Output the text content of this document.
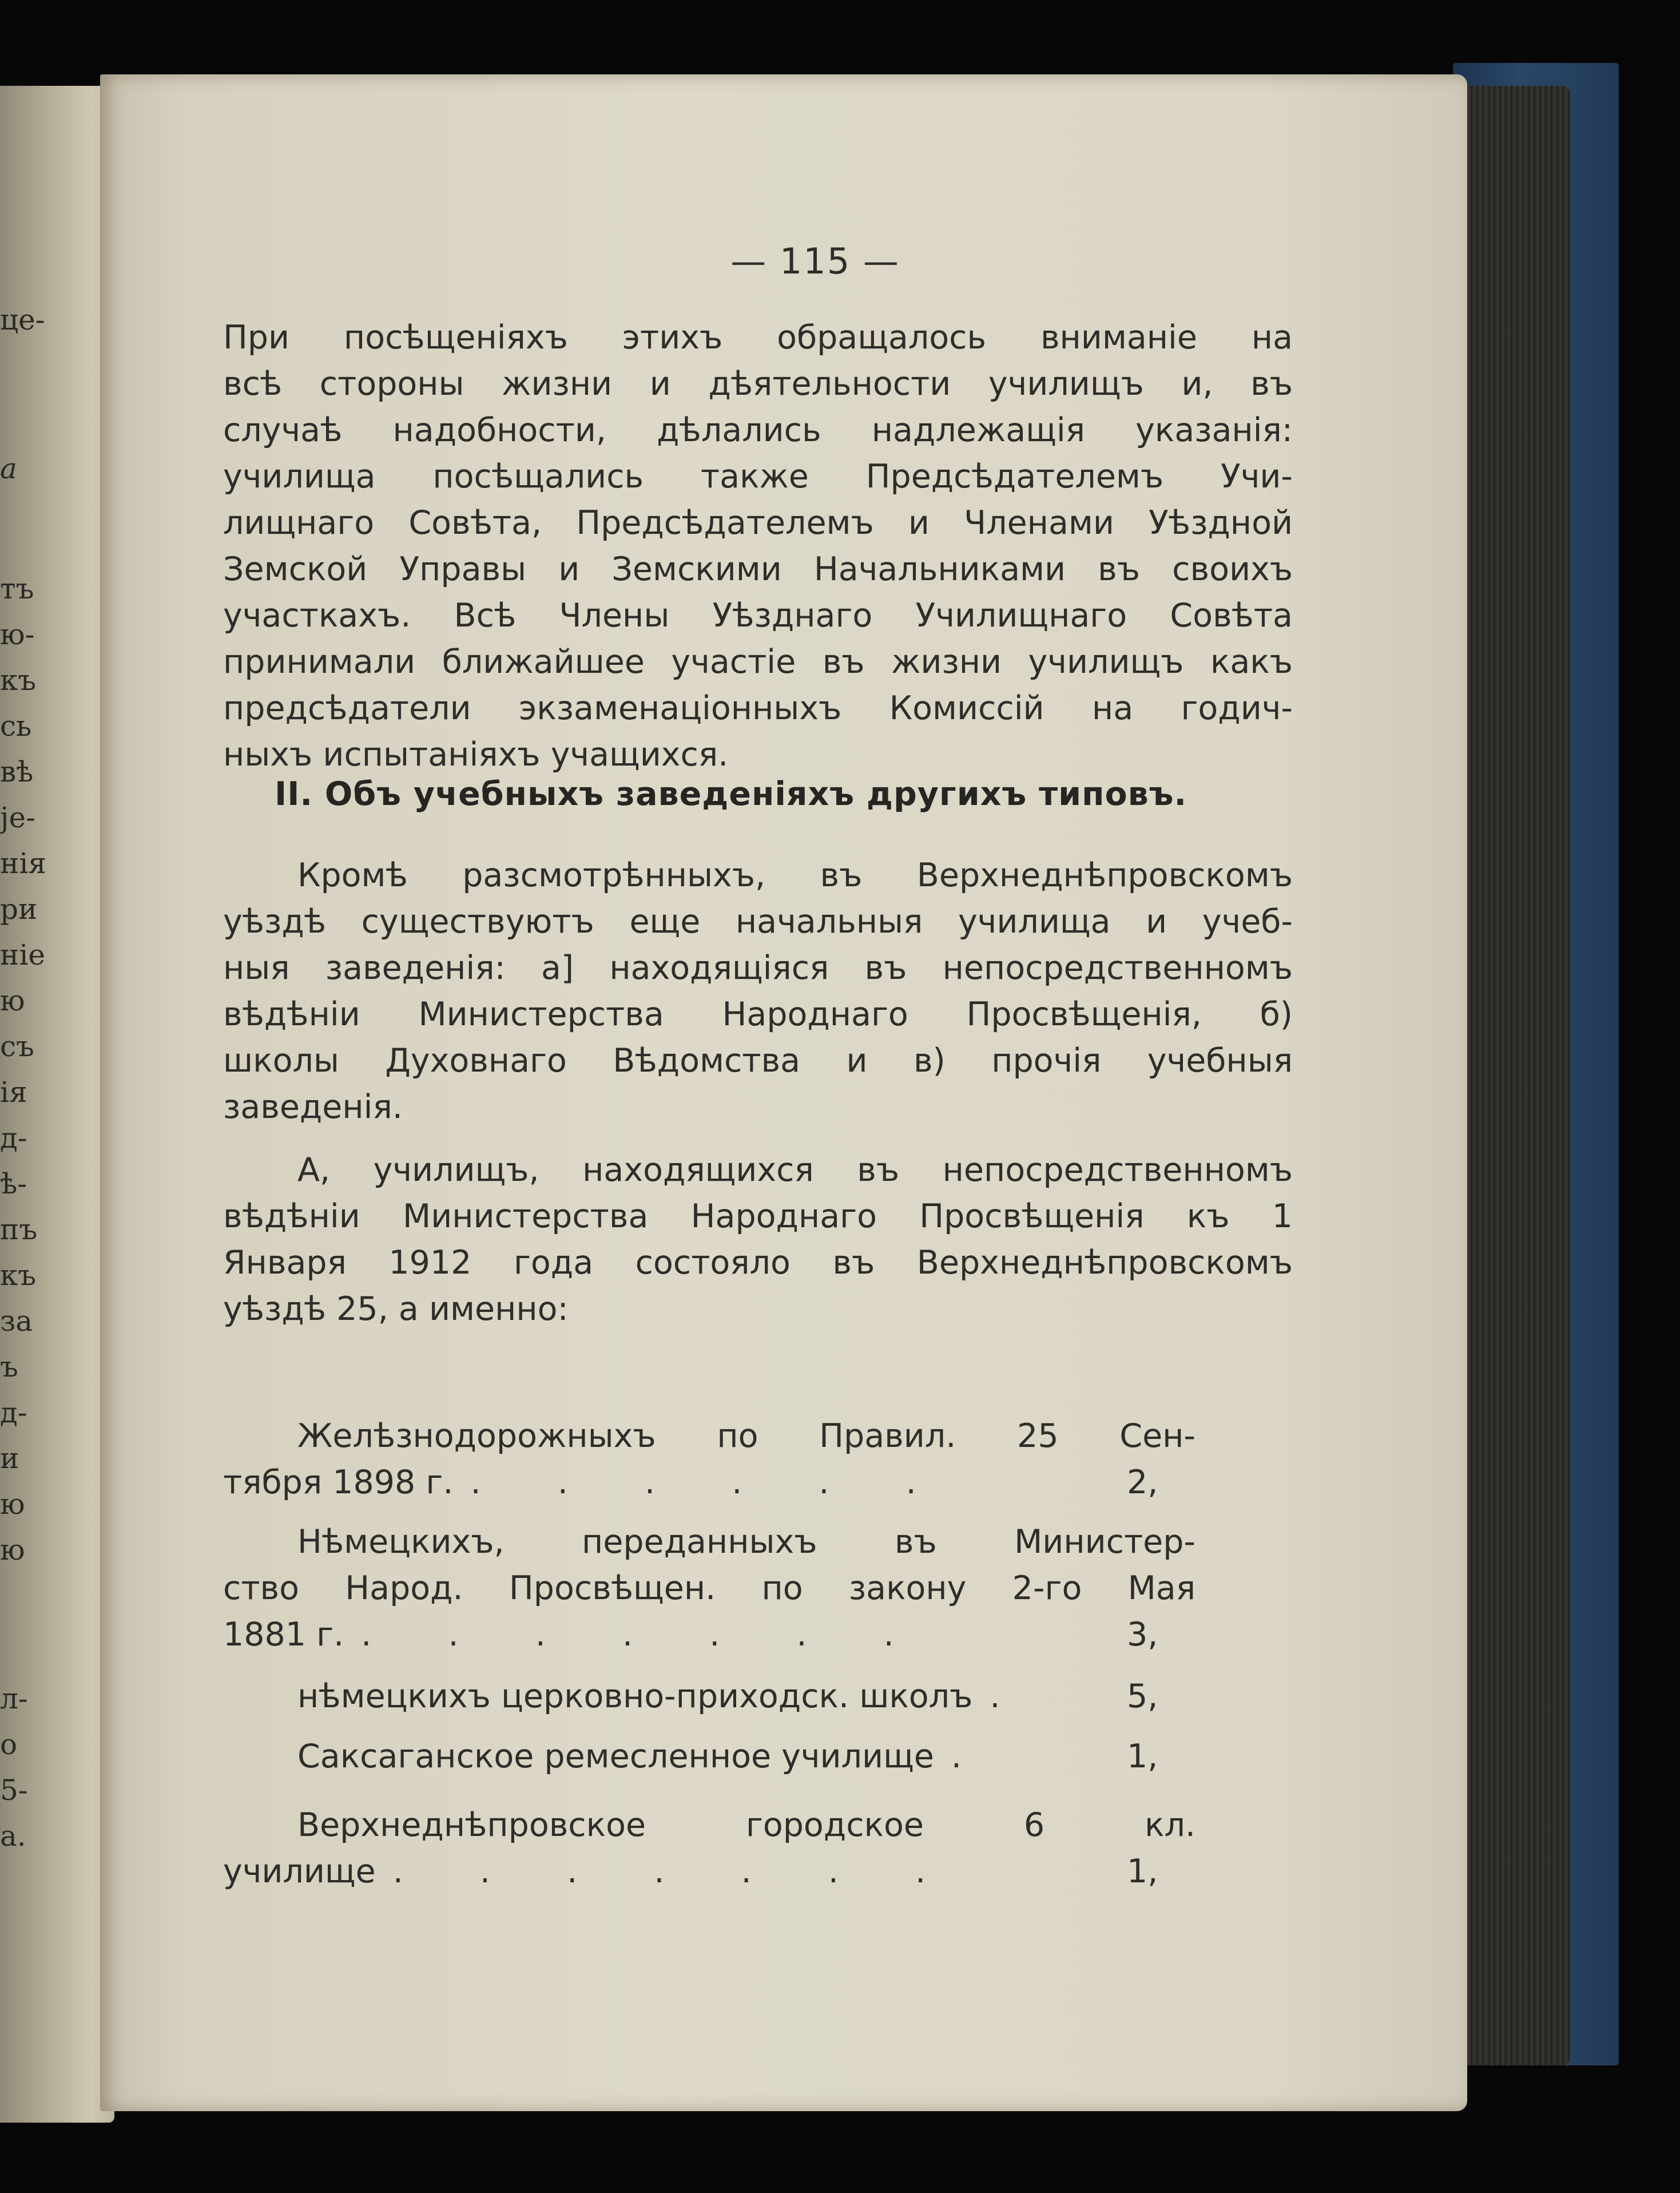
це-
а
тъ
ю-
къ
сь
вѣ
је-
нія
ри
ніе
ю
съ
ія
д-
ѣ-
пъ
къ
за
ъ
д-
и
ю
ю
л-
о
5-
а.
— 115 —
При посѣщеніяхъ этихъ обращалось вниманіе на
всѣ стороны жизни и дѣятельности училищъ и, въ
случаѣ надобности, дѣлались надлежащія указанія:
училища посѣщались также Предсѣдателемъ Учи-
лищнаго Совѣта, Предсѣдателемъ и Членами Уѣздной
Земской Управы и Земскими Начальниками въ своихъ
участкахъ. Всѣ Члены Уѣзднаго Училищнаго Совѣта
принимали ближайшее участіе въ жизни училищъ какъ
предсѣдатели экзаменаціонныхъ Комиссій на годич-
ныхъ испытаніяхъ учащихся.
II. Объ учебныхъ заведеніяхъ другихъ типовъ.
Кромѣ разсмотрѣнныхъ, въ Верхнеднѣпровскомъ
уѣздѣ существуютъ еще начальныя училища и учеб-
ныя заведенія: а] находящіяся въ непосредственномъ
вѣдѣніи Министерства Народнаго Просвѣщенія, б)
школы Духовнаго Вѣдомства и в) прочія учебныя
заведенія.
А, училищъ, находящихся въ непосредственномъ
вѣдѣніи Министерства Народнаго Просвѣщенія къ 1
Января 1912 года состояло въ Верхнеднѣпровскомъ
уѣздѣ 25, а именно:
Желѣзнодорожныхъ по Правил. 25 Сен-
тября 1898 г. . . . . . .	2,
Нѣмецкихъ, переданныхъ въ Министер-
ство Народ. Просвѣщен. по закону 2-го Мая
1881 г. . . . . . . .	3,
нѣмецкихъ церковно-приходск. школъ .	5,
Саксаганское ремесленное училище .	1,
Верхнеднѣпровское городское 6 кл.
училище . . . . . . .	1,
